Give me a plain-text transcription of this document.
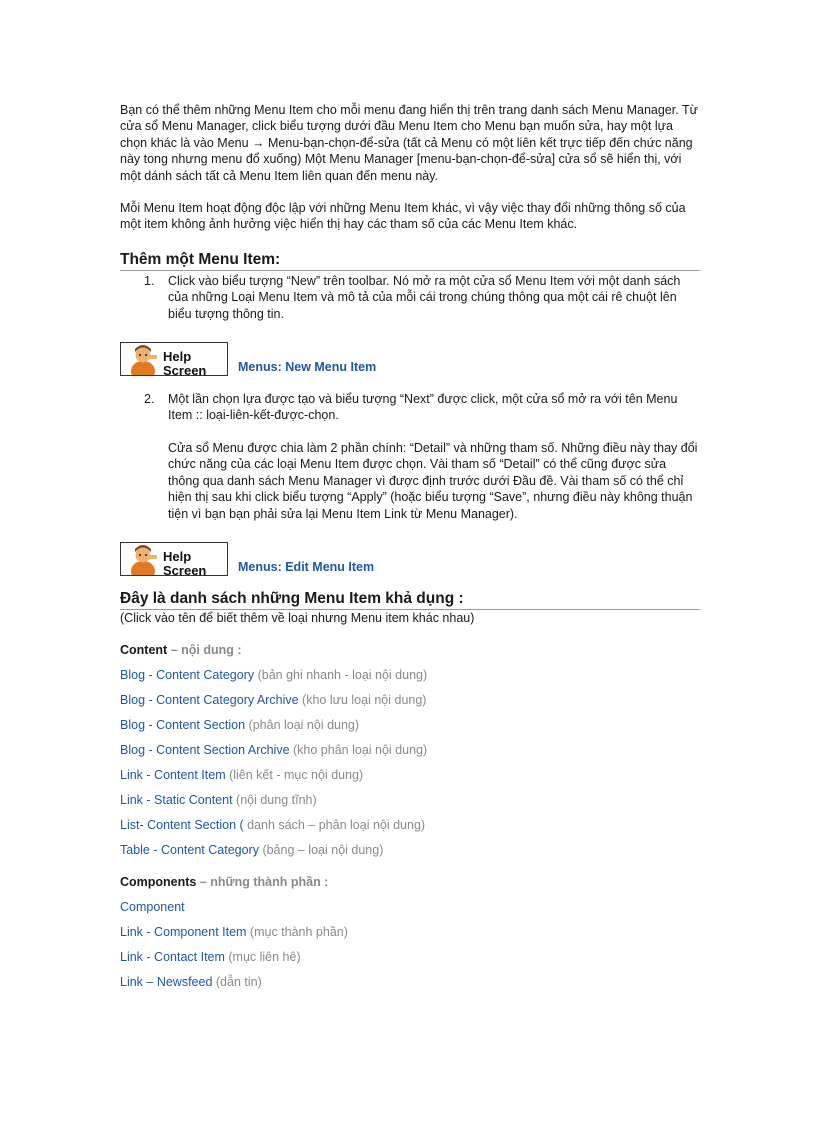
Bạn có thể thêm những Menu Item cho mỗi menu đang hiển thị trên trang danh sách Menu Manager. Từ cửa sổ Menu Manager, click biểu tượng dưới đầu Menu Item cho Menu bạn muốn sửa, hay một lựa chọn khác là vào Menu → Menu-bạn-chọn-để-sửa (tất cả Menu có một liên kết trực tiếp đến chức năng này tong nhưng menu đổ xuống) Một Menu Manager [menu-bạn-chọn-để-sửa] cửa sổ sẽ hiển thị, với một dánh sách tất cả Menu Item liên quan đến menu này.

Mỗi Menu Item hoạt động độc lập với những Menu Item khác, vì vậy việc thay đổi những thông số của một item không ảnh hưởng việc hiển thị hay các tham số của các Menu Item khác.

Thêm một Menu Item:
1. Click vào biểu tượng “New” trên toolbar. Nó mở ra một cửa sổ Menu Item với một danh sách của những Loại Menu Item và mô tả của mỗi cái trong chúng thông qua một cái rê chuột lên biểu tượng thông tin.
Help
Screen	Menus: New Menu Item
2. Một lần chọn lựa được tạo và biểu tượng “Next” được click, một cửa sổ mở ra với tên Menu Item :: loại-liên-kết-được-chọn.
Cửa sổ Menu được chia làm 2 phần chính: “Detail” và những tham số. Những điều này thay đổi chức năng của các loại Menu Item được chọn. Vài tham số “Detail” có thể cũng được sửa thông qua danh sách Menu Manager vì được định trước dưới Đầu đề. Vài tham số có thể chỉ hiện thị sau khi click biểu tượng “Apply” (hoặc biểu tượng “Save”, nhưng điều này không thuận tiện vì bạn bạn phải sửa lại Menu Item Link từ Menu Manager).
Help
Screen	Menus: Edit Menu Item
Đây là danh sách những Menu Item khả dụng :

(Click vào tên để biết thêm về loại nhưng Menu item khác nhau)

Content – nội dung :
Blog - Content Category (bản ghi nhanh - loại nội dung)
Blog - Content Category Archive (kho lưu loại nội dung)
Blog - Content Section (phân loại nội dung)
Blog - Content Section Archive (kho phân loại nội dung)
Link - Content Item (liên kết - mục nội dung)
Link - Static Content (nội dung tĩnh)
List- Content Section ( danh sách – phân loại nội dung)
Table - Content Category (bảng – loại nội dung)
Components – những thành phần :
Component
Link - Component Item (mục thành phần)
Link - Contact Item (mục liên hê)
Link – Newsfeed (dẫn tin)
